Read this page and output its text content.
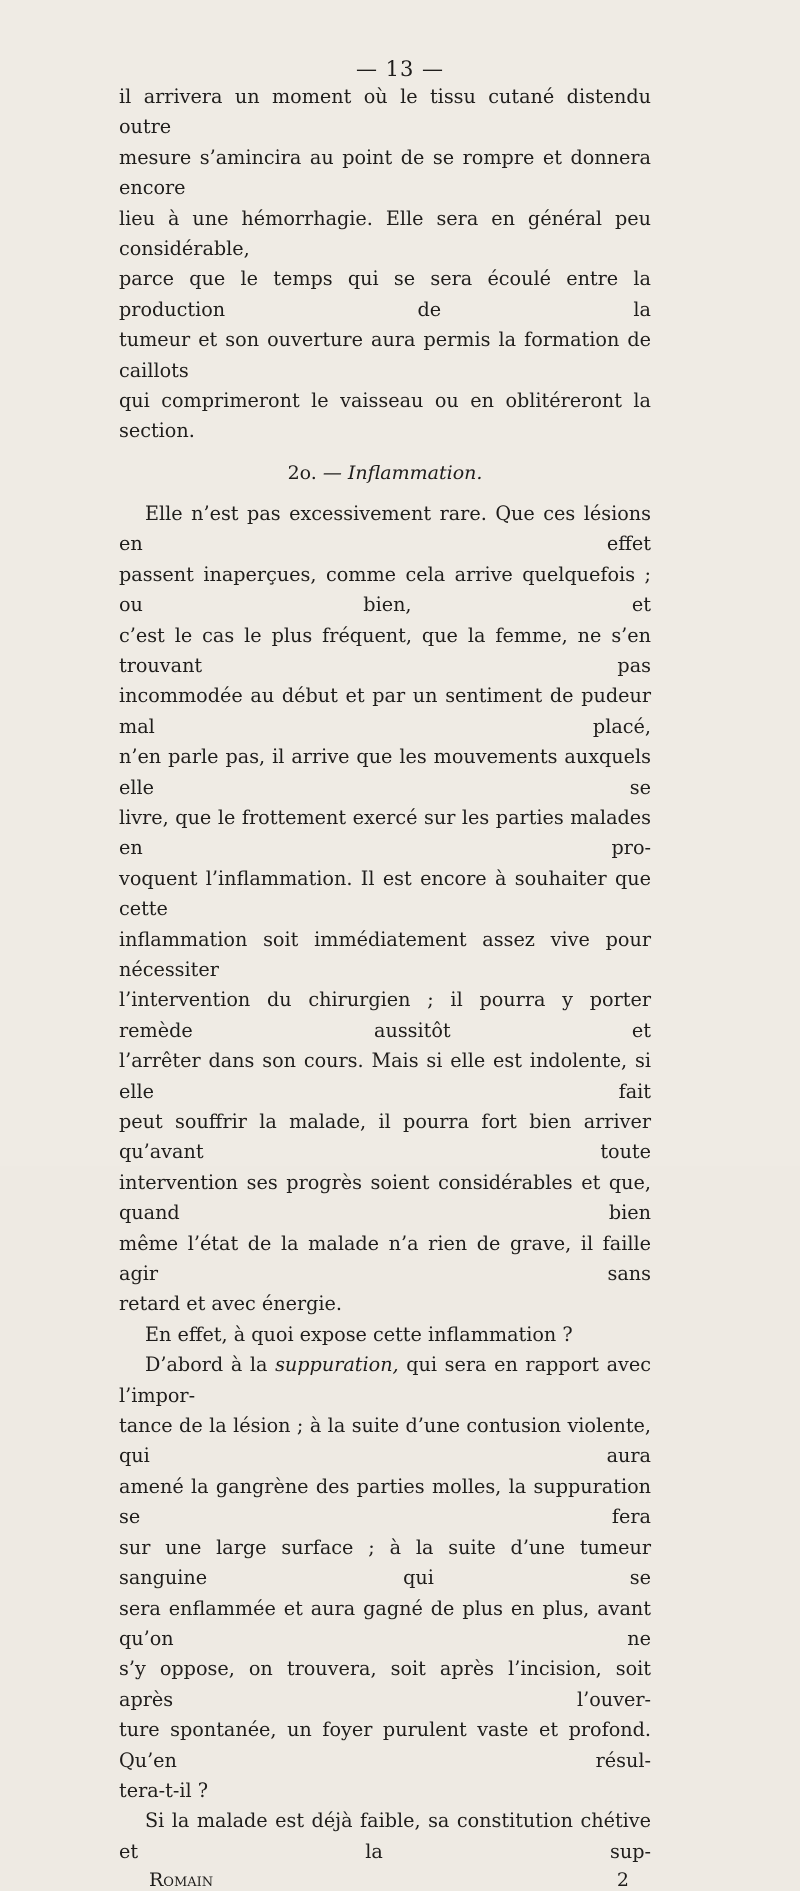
— 13 —

il arrivera un moment où le tissu cutané distendu outre

mesure s’amincira au point de se rompre et donnera encore

lieu à une hémorrhagie. Elle sera en général peu considérable,

parce que le temps qui se sera écoulé entre la production de la

tumeur et son ouverture aura permis la formation de caillots

qui comprimeront le vaisseau ou en oblitéreront la section.

2o. — Inflammation.

Elle n’est pas excessivement rare. Que ces lésions en effet

passent inaperçues, comme cela arrive quelquefois ; ou bien, et

c’est le cas le plus fréquent, que la femme, ne s’en trouvant pas

incommodée au début et par un sentiment de pudeur mal placé,

n’en parle pas, il arrive que les mouvements auxquels elle se

livre, que le frottement exercé sur les parties malades en pro-

voquent l’inflammation. Il est encore à souhaiter que cette

inflammation soit immédiatement assez vive pour nécessiter

l’intervention du chirurgien ; il pourra y porter remède aussitôt et

l’arrêter dans son cours. Mais si elle est indolente, si elle fait

peut souffrir la malade, il pourra fort bien arriver qu’avant toute

intervention ses progrès soient considérables et que, quand bien

même l’état de la malade n’a rien de grave, il faille agir sans

retard et avec énergie.

En effet, à quoi expose cette inflammation ?

D’abord à la suppuration, qui sera en rapport avec l’impor-

tance de la lésion ; à la suite d’une contusion violente, qui aura

amené la gangrène des parties molles, la suppuration se fera

sur une large surface ; à la suite d’une tumeur sanguine qui se

sera enflammée et aura gagné de plus en plus, avant qu’on ne

s’y oppose, on trouvera, soit après l’incision, soit après l’ouver-

ture spontanée, un foyer purulent vaste et profond. Qu’en résul-

tera-t-il ?

Si la malade est déjà faible, sa constitution chétive et la sup-

Romain	2
